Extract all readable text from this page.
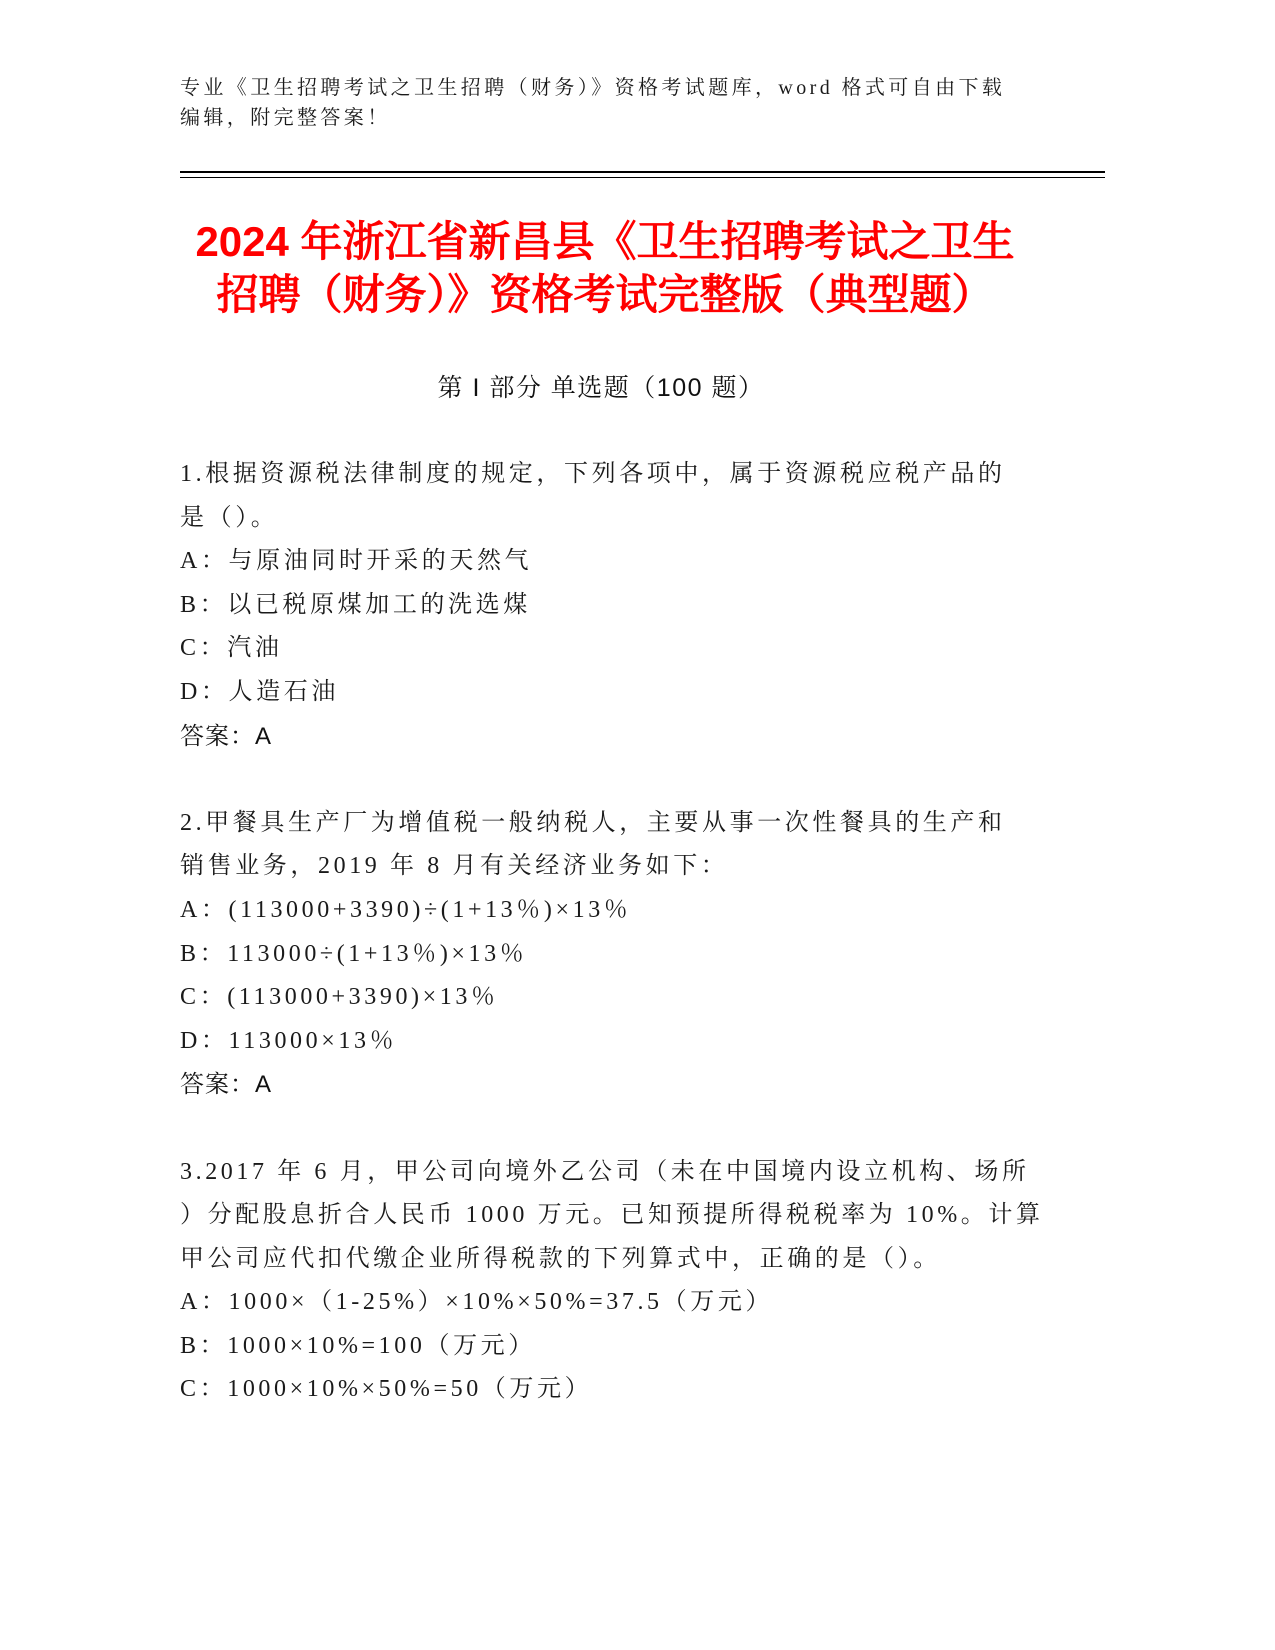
专业《卫生招聘考试之卫生招聘（财务）》资格考试题库，word 格式可自由下载
编辑，附完整答案！
2024 年浙江省新昌县《卫生招聘考试之卫生
招聘（财务）》资格考试完整版（典型题）
第 I 部分 单选题（100 题）
1.根据资源税法律制度的规定，下列各项中，属于资源税应税产品的
是（）。
A：与原油同时开采的天然气
B：以已税原煤加工的洗选煤
C：汽油
D：人造石油
答案：A
2.甲餐具生产厂为增值税一般纳税人，主要从事一次性餐具的生产和
销售业务，2019 年 8 月有关经济业务如下：
A：(113000+3390)÷(1+13％)×13％
B：113000÷(1+13％)×13％
C：(113000+3390)×13％
D：113000×13％
答案：A
3.2017 年 6 月，甲公司向境外乙公司（未在中国境内设立机构、场所
）分配股息折合人民币 1000 万元。已知预提所得税税率为 10%。计算
甲公司应代扣代缴企业所得税款的下列算式中，正确的是（）。
A：1000×（1-25%）×10%×50%=37.5（万元）
B：1000×10%=100（万元）
C：1000×10%×50%=50（万元）
